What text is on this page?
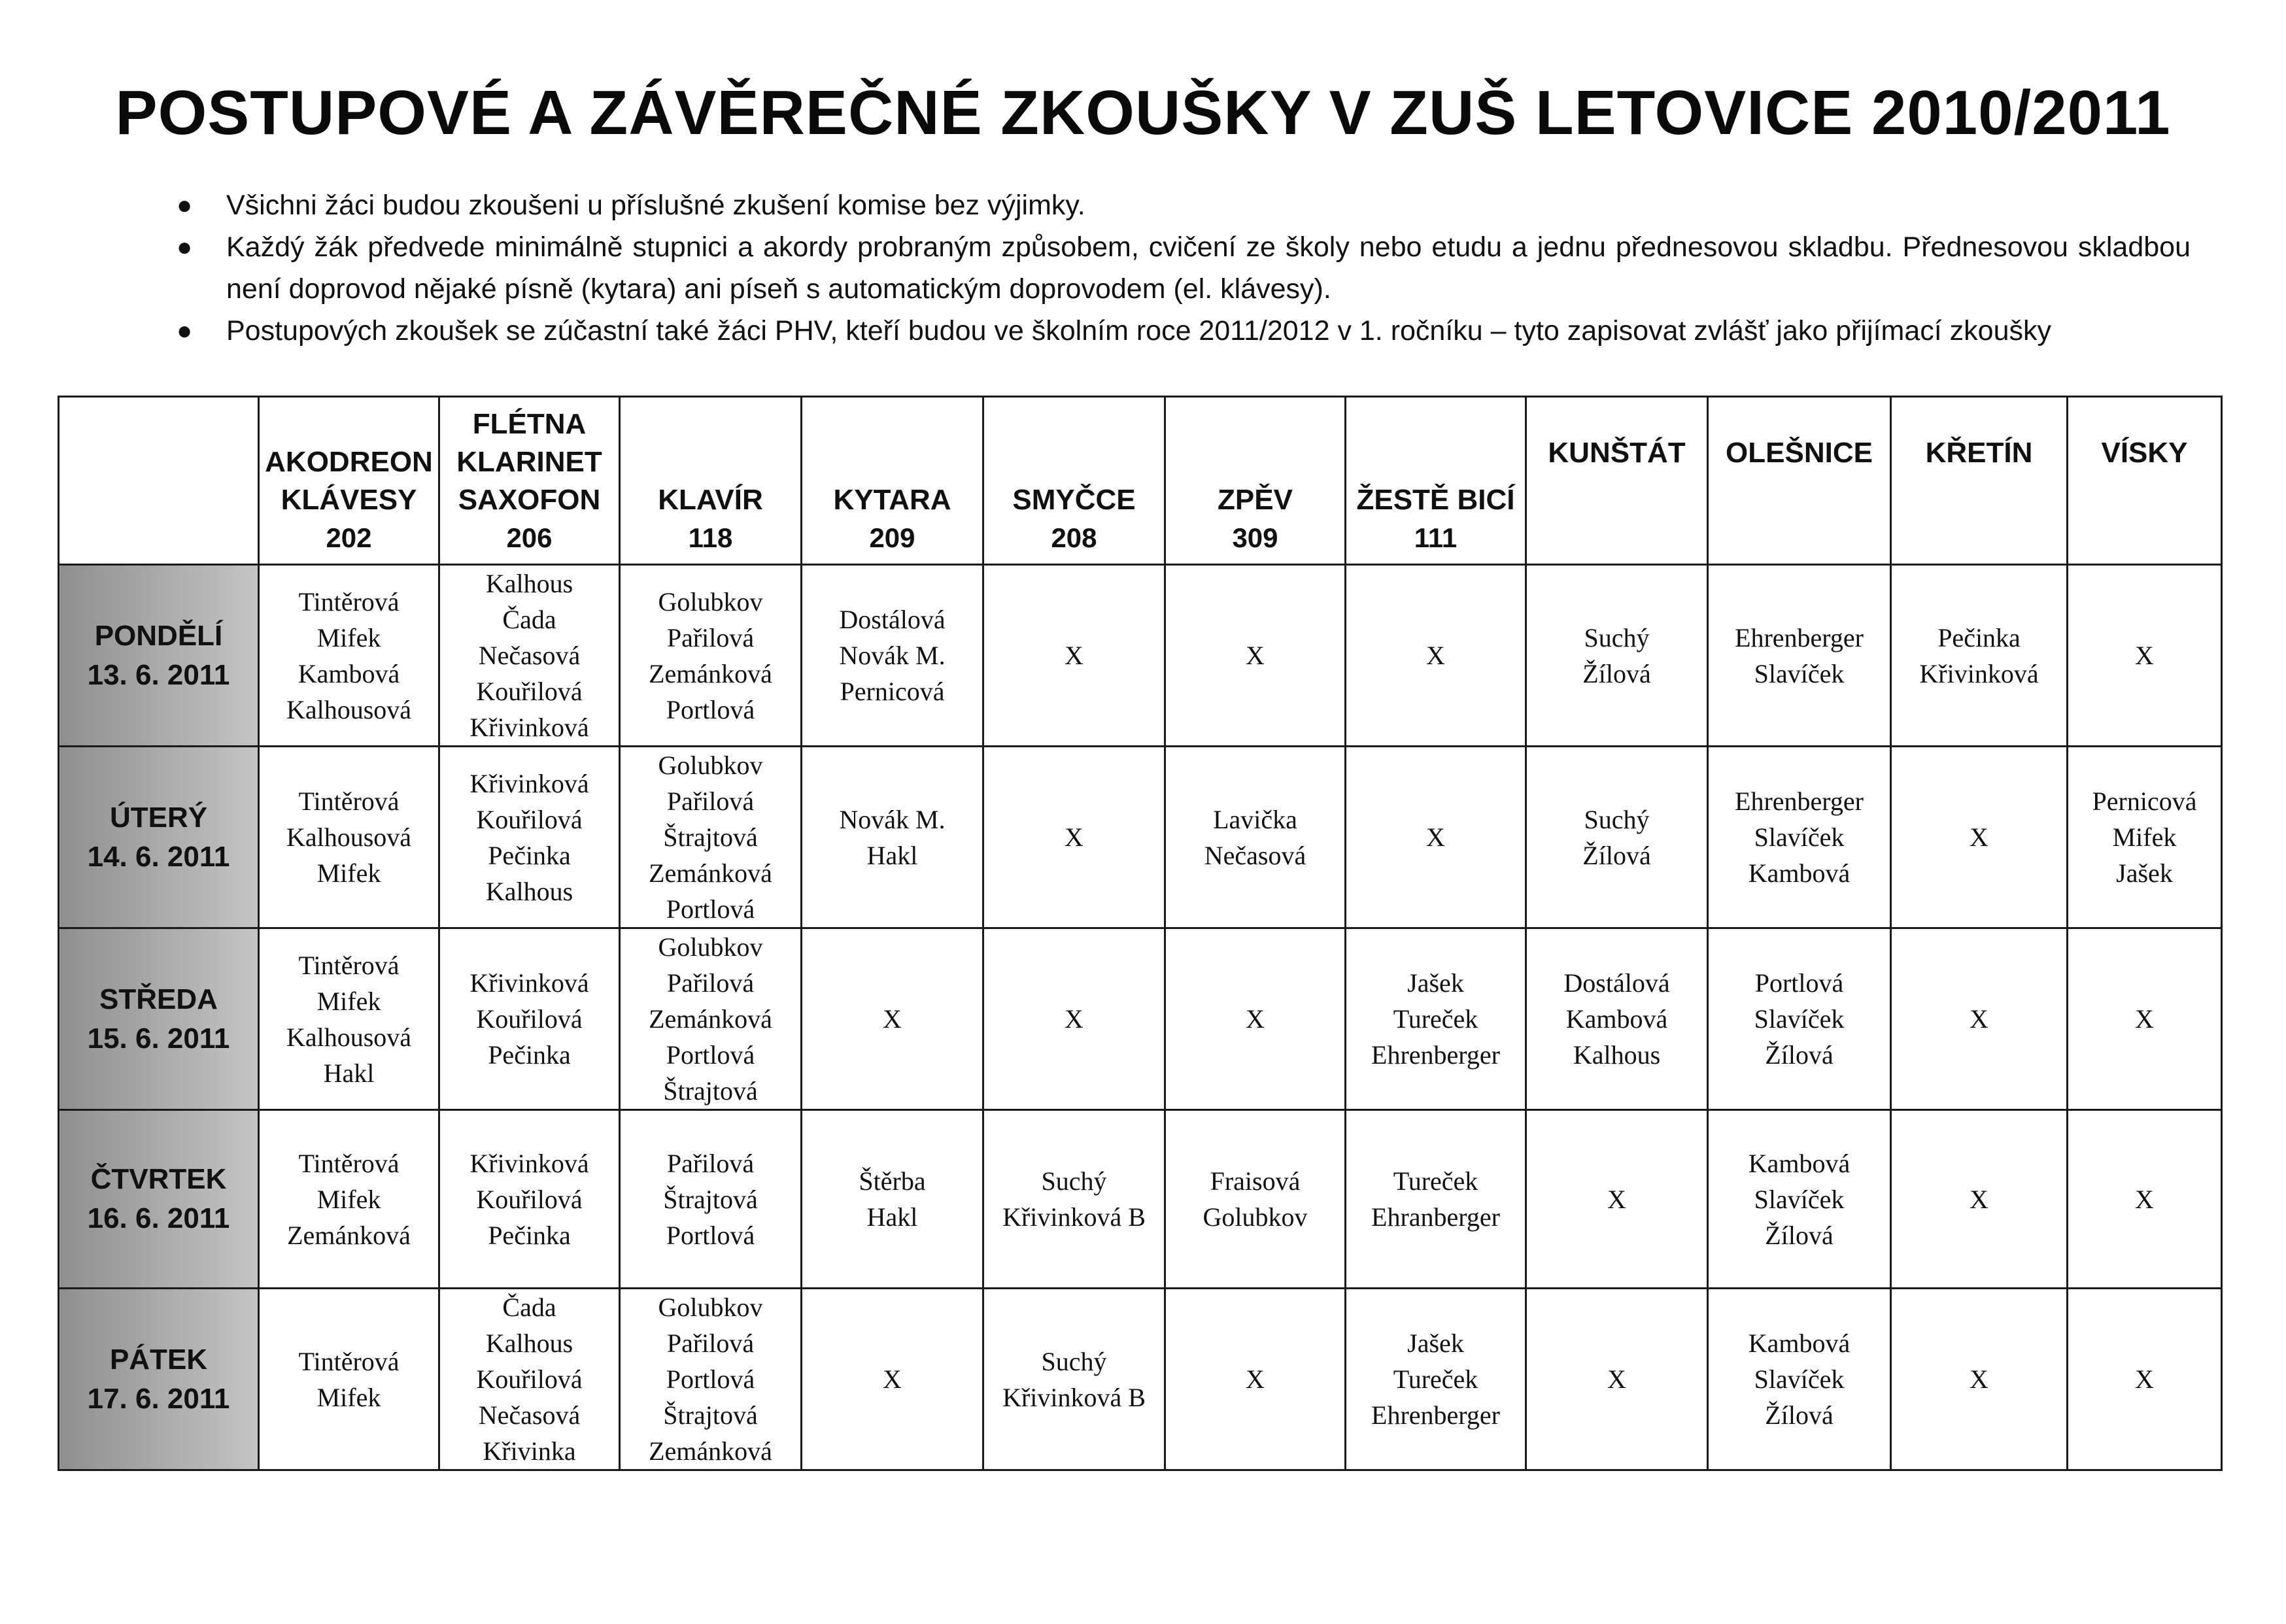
POSTUPOVÉ A ZÁVĚREČNÉ ZKOUŠKY V ZUŠ LETOVICE 2010/2011
● Všichni žáci budou zkoušeni u příslušné zkušení komise bez výjimky.
● Každý žák předvede minimálně stupnici a akordy probraným způsobem, cvičení ze školy nebo etudu a jednu přednesovou skladbu. Přednesovou skladbou není doprovod nějaké písně (kytara) ani píseň s automatickým doprovodem (el. klávesy).
● Postupových zkoušek se zúčastní také žáci PHV, kteří budou ve školním roce 2011/2012 v 1. ročníku – tyto zapisovat zvlášť jako přijímací zkoušky
	AKODREON KLÁVESY
202	FLÉTNA KLARINET SAXOFON
206	KLAVÍR
118	KYTARA
209	SMYČCE
208	ZPĚV
309	ŽESTĚ BICÍ
111	KUNŠTÁT	OLEŠNICE	KŘETÍN	VÍSKY

PONDĚLÍ
13. 6. 2011	Tintěrová
Mifek
Kambová
Kalhousová	Kalhous
Čada
Nečasová
Kouřilová
Křivinková	Golubkov
Pařilová
Zemánková
Portlová	Dostálová
Novák M.
Pernicová	X	X	X	Suchý
Žílová	Ehrenberger
Slavíček	Pečinka
Křivinková	X

ÚTERÝ
14. 6. 2011	Tintěrová
Kalhousová
Mifek	Křivinková
Kouřilová
Pečinka
Kalhous	Golubkov
Pařilová
Štrajtová
Zemánková
Portlová	Novák M.
Hakl	X	Lavička
Nečasová	X	Suchý
Žílová	Ehrenberger
Slavíček
Kambová	X	Pernicová
Mifek
Jašek

STŘEDA
15. 6. 2011	Tintěrová
Mifek
Kalhousová
Hakl	Křivinková
Kouřilová
Pečinka	Golubkov
Pařilová
Zemánková
Portlová
Štrajtová	X	X	X	Jašek
Tureček
Ehrenberger	Dostálová
Kambová
Kalhous	Portlová
Slavíček
Žílová	X	X

ČTVRTEK
16. 6. 2011	Tintěrová
Mifek
Zemánková	Křivinková
Kouřilová
Pečinka	Pařilová
Štrajtová
Portlová	Štěrba
Hakl	Suchý
Křivinková B	Fraisová
Golubkov	Tureček
Ehranberger	X	Kambová
Slavíček
Žílová	X	X

PÁTEK
17. 6. 2011	Tintěrová
Mifek	Čada
Kalhous
Kouřilová
Nečasová
Křivinka	Golubkov
Pařilová
Portlová
Štrajtová
Zemánková	X	Suchý
Křivinková B	X	Jašek
Tureček
Ehrenberger	X	Kambová
Slavíček
Žílová	X	X
